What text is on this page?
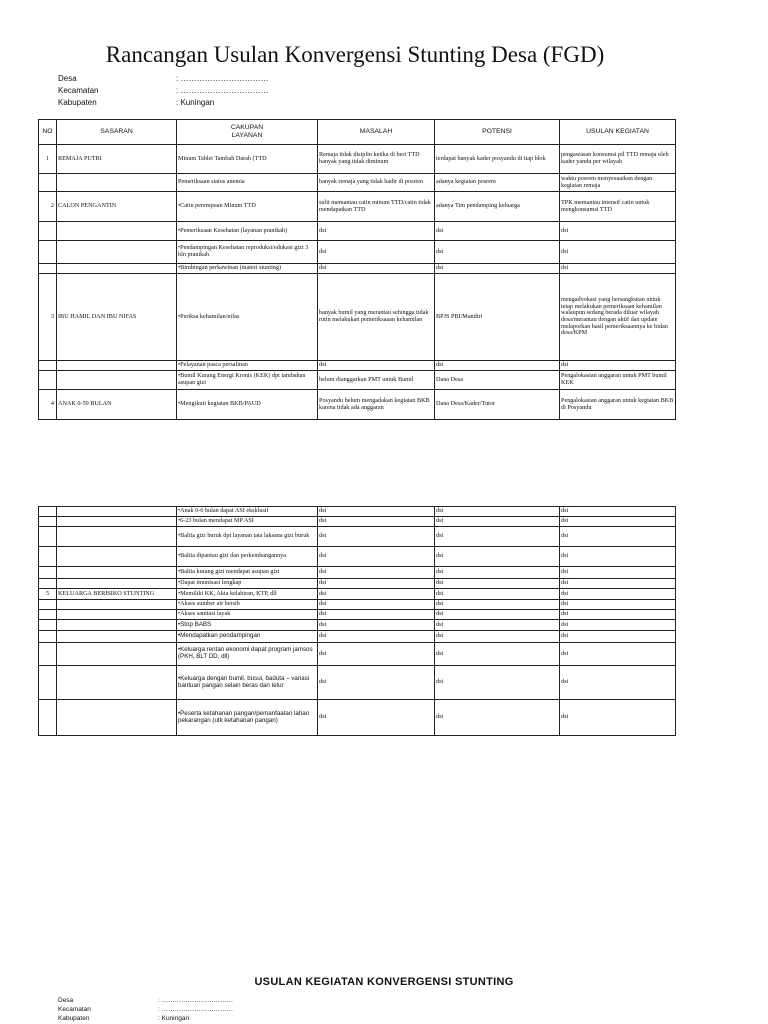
Rancangan Usulan Konvergensi Stunting Desa (FGD)
Desa	: ……………………………
Kecamatan	: ……………………………
Kabupaten	: Kuningan
NO	SASARAN	CAKUPAN LAYANAN	MASALAH	POTENSI	USULAN KEGIATAN
1	REMAJA PUTRI	Minum Tablet Tambah Darah (TTD	Remaja tidak disiplin ketika di beri TTD banyak yang tidak diminum	terdapat banyak kader posyandu di tiap blok	pengawasan konsumsi pil TTD remaja oleh kader yandu per wilayah
		Pemeriksaan status anemia	banyak remaja yang tidak hadir di posrem	adanya kegiatan posrem	waktu posrem menyesuaikan dengan kegiatan remaja
2	CALON PENGANTIN	•Catin perempuan Minum TTD	sulit memantau catin minum TTD/catin tidak mendapatkan TTD	adanya Tim pendamping keluarga	TPK memantau intensif catin untuk mengkonsumsi TTD
		•Pemeriksaan Kesehatan (layanan pranikah)	dst	dst	dst
		•Pendampingan Kesehatan reproduksi/edukasi gizi 3 bln pranikah	dst	dst	dst
		•Bimbingan perkawinan (materi stunting)	dst	dst	dst
3	IBU HAMIL DAN IBU NIFAS	•Periksa kehamilan/nifas	banyak bumil yang merantau sehingga tidak rutin melakukan pemeriksaaan kehamilan	BPJS PBI/Mandiri	mengadvokasi yang bersangkutan untuk tetap melakukan pemeriksaan kehamilan walaupun sedang berada diluar wilayah desa/merantau dengan aktif dan update melaporkan hasil pemeriksaannya ke bidan desa/KPM
		•Pelayanan pasca persalinan	dst	dst	dst
		•Bumil Kurang Energi Kronis (KEK) dpt tambahan asupan gizi	belum dianggarkan PMT untuk Bumil	Dana Desa	Pengalokasian anggaran untuk PMT bumil KEK
4	ANAK 0-59 BULAN	•Mengikuti kegiatan BKB/PAUD	Posyandu belum mengadakan kegiatan BKB karena tidak ada anggaran	Dana Desa/Kader/Tutor	Pengalokasian anggaran untuk kegiatan BKB di Posyandu
		•Anak 0-6 bulan dapat ASI eksklusif	dst	dst	dst
		•6-23 bulan mendapat MP ASI	dst	dst	dst
		•Balita gizi buruk dpt layanan tata laksana gizi buruk	dst	dst	dst
		•Balita dipantau gizi dan perkembangannya	dst	dst	dst
		•Balita kurang gizi mendapat asupan gizi	dst	dst	dst
		•Dapat imunisasi lengkap	dst	dst	dst
5	KELUARGA BERISIKO STUNTING	•Memiliki KK, Akta kelahiran, KTP, dll	dst	dst	dst
		•Akses sumber air bersih	dst	dst	dst
		•Akses sanitasi layak	dst	dst	dst
		•Stop BABS	dst	dst	dst
		•Mendapatkan pendampingan	dst	dst	dst
		•Keluarga rentan ekonomi dapat program jamsos (PKH, BLT DD, dll)	dst	dst	dst
		•Keluarga dengan bumil, busui, baduta – variasi bantuan pangan selain beras dan telur	dst	dst	dst
		•Peserta ketahanan pangan/pemanfaatan lahan pekarangan (utk ketahanan pangan)	dst	dst	dst
USULAN KEGIATAN KONVERGENSI STUNTING
Desa	: ……………………………
Kecamatan	: ……………………………
Kabupaten	: Kuningan
